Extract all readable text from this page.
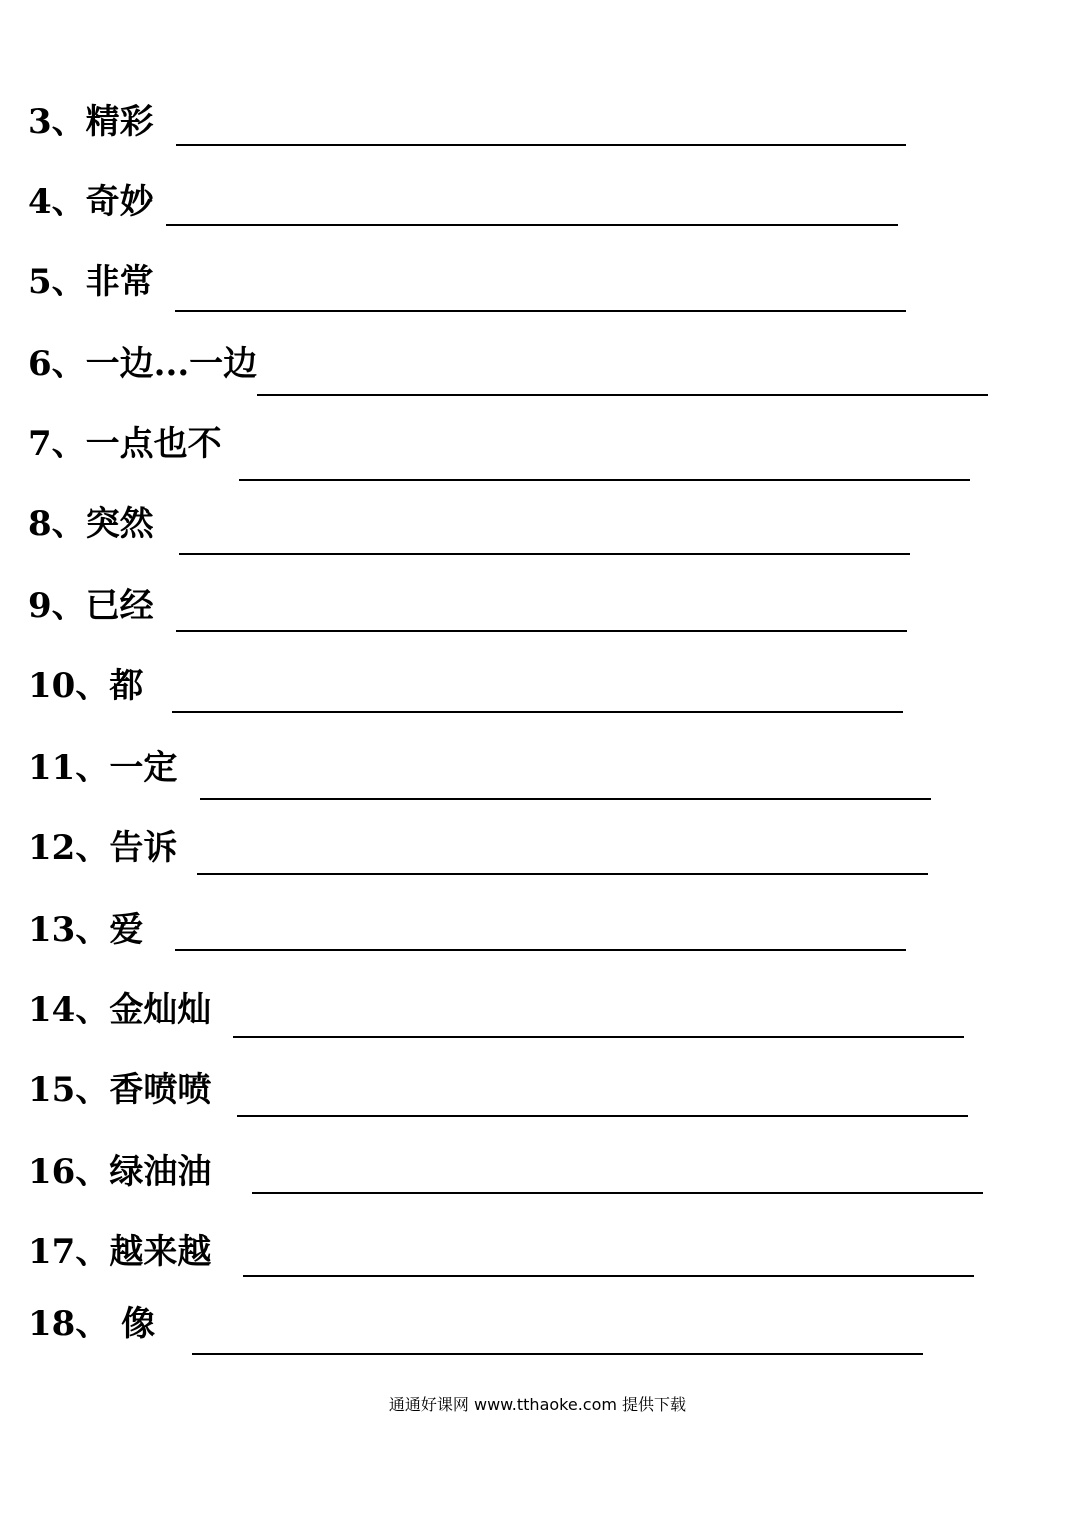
3、精彩
4、奇妙
5、非常
6、一边...一边
7、一点也不
8、突然
9、已经
10、都
11、一定
12、告诉
13、爱
14、金灿灿
15、香喷喷
16、绿油油
17、越来越
18、 像
通通好课网 www.tthaoke.com 提供下载
